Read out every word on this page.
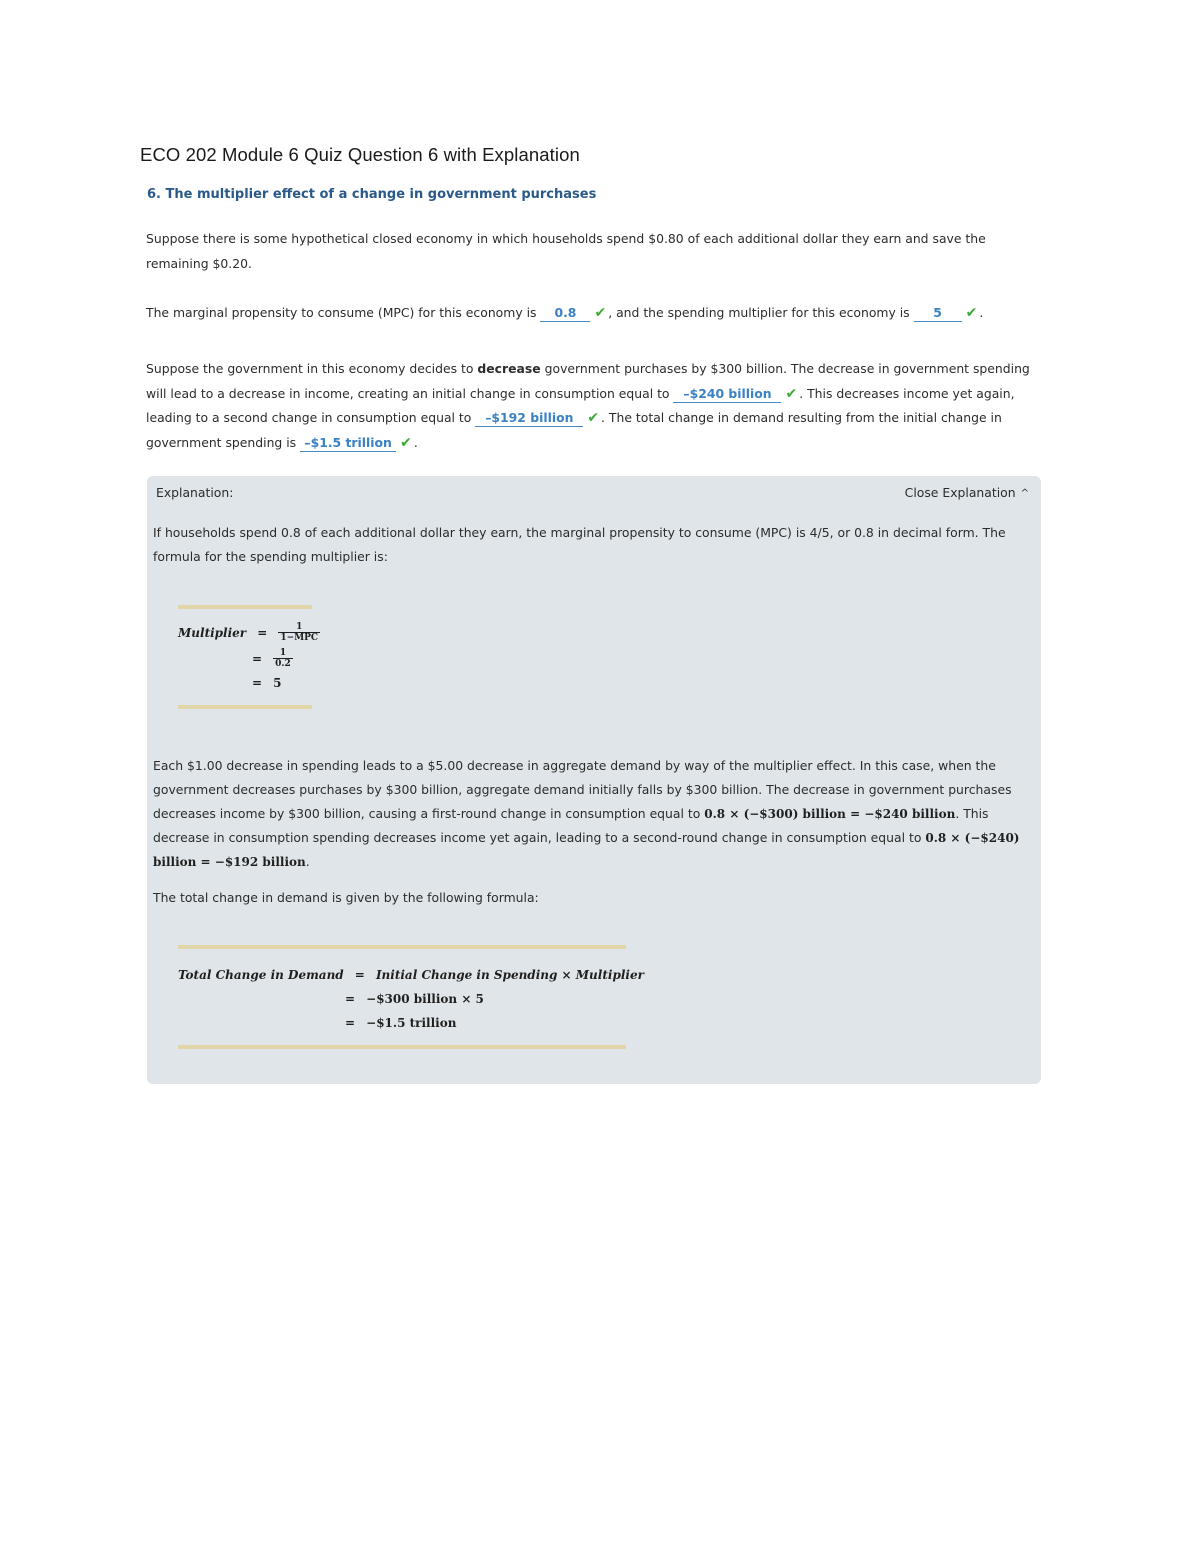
ECO 202 Module 6 Quiz Question 6 with Explanation
6. The multiplier effect of a change in government purchases
Suppose there is some hypothetical closed economy in which households spend $0.80 of each additional dollar they earn and save the remaining $0.20.
The marginal propensity to consume (MPC) for this economy is 0.8 ✔ , and the spending multiplier for this economy is 5 ✔ .
Suppose the government in this economy decides to decrease government purchases by $300 billion. The decrease in government spending will lead to a decrease in income, creating an initial change in consumption equal to –$240 billion ✔ . This decreases income yet again, leading to a second change in consumption equal to –$192 billion ✔ . The total change in demand resulting from the initial change in government spending is –$1.5 trillion ✔ .
Explanation:	Close Explanation ^
If households spend 0.8 of each additional dollar they earn, the marginal propensity to consume (MPC) is 4/5, or 0.8 in decimal form. The formula for the spending multiplier is:
Multiplier = $\frac{1}{\text{1−MPC}}$
= $\frac{1}{0.2}$
= 5
Each $1.00 decrease in spending leads to a $5.00 decrease in aggregate demand by way of the multiplier effect. In this case, when the government decreases purchases by $300 billion, aggregate demand initially falls by $300 billion. The decrease in government purchases decreases income by $300 billion, causing a first-round change in consumption equal to 0.8 × (−$300) billion = −$240 billion. This decrease in consumption spending decreases income yet again, leading to a second-round change in consumption equal to 0.8 × (−$240) billion = −$192 billion.
The total change in demand is given by the following formula:
Total Change in Demand = Initial Change in Spending × Multiplier
= −$300 billion × 5
= −$1.5 trillion
